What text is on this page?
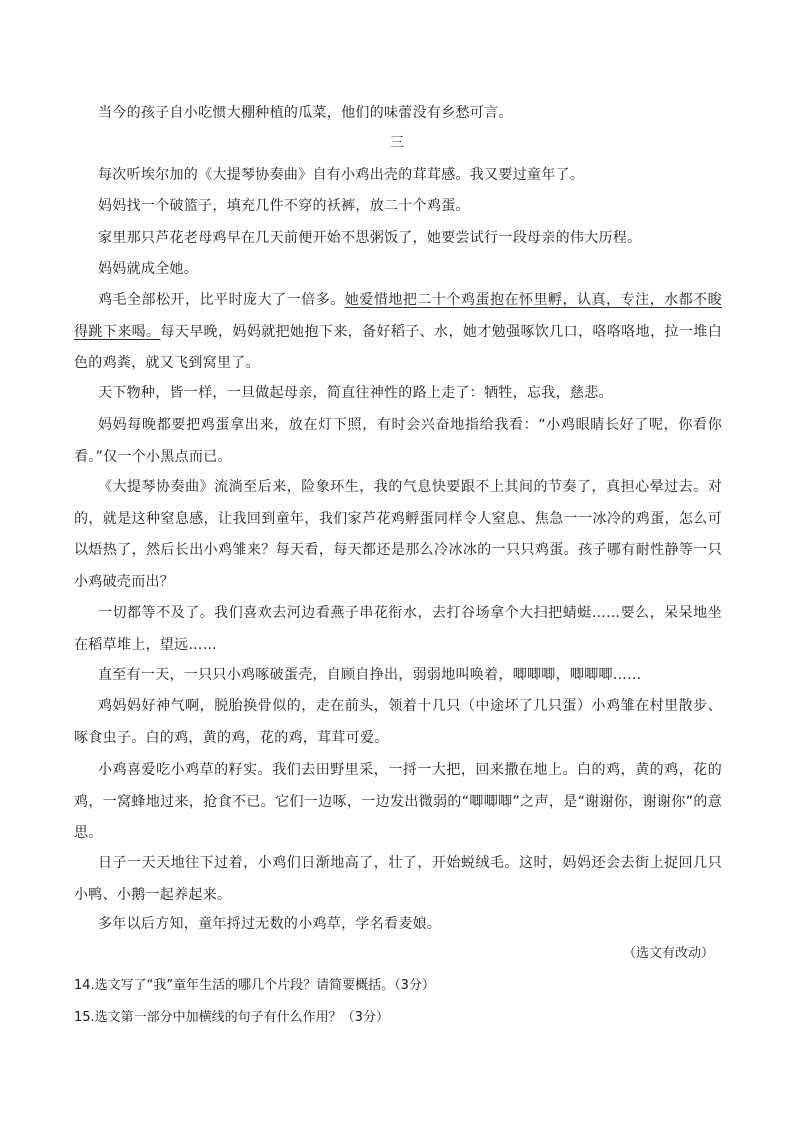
当今的孩子自小吃惯大棚种植的瓜菜，他们的味蕾没有乡愁可言。
三
每次听埃尔加的《大提琴协奏曲》自有小鸡出壳的茸茸感。我又要过童年了。
妈妈找一个破篮子，填充几件不穿的袄裤，放二十个鸡蛋。
家里那只芦花老母鸡早在几天前便开始不思粥饭了，她要尝试行一段母亲的伟大历程。
妈妈就成全她。
鸡毛全部松开，比平时庞大了一倍多。她爱惜地把二十个鸡蛋抱在怀里孵，认真，专注，水都不睃得跳下来喝。每天早晚，妈妈就把她抱下来，备好稻子、水，她才勉强啄饮几口，咯咯咯地，拉一堆白色的鸡粪，就又飞到窝里了。
天下物种，皆一样，一旦做起母亲，简直往神性的路上走了：牺牲，忘我，慈悲。
妈妈每晚都要把鸡蛋拿出来，放在灯下照，有时会兴奋地指给我看：“小鸡眼睛长好了呢，你看你看。”仅一个小黑点而已。
《大提琴协奏曲》流淌至后来，险象环生，我的气息快要跟不上其间的节奏了，真担心晕过去。对的，就是这种窒息感，让我回到童年，我们家芦花鸡孵蛋同样令人窒息、焦急一一冰冷的鸡蛋，怎么可以焐热了，然后长出小鸡雏来？每天看，每天都还是那么冷冰冰的一只只鸡蛋。孩子哪有耐性静等一只小鸡破壳而出？
一切都等不及了。我们喜欢去河边看燕子串花衔水，去打谷场拿个大扫把蜻蜓……要么，呆呆地坐在稻草堆上，望远……
直至有一天，一只只小鸡啄破蛋壳，自顾自挣出，弱弱地叫唤着，唧唧唧，唧唧唧……
鸡妈妈好神气啊，脱胎换骨似的，走在前头，领着十几只（中途坏了几只蛋）小鸡雏在村里散步、啄食虫子。白的鸡，黄的鸡，花的鸡，茸茸可爱。
小鸡喜爱吃小鸡草的籽实。我们去田野里采，一捋一大把，回来撒在地上。白的鸡，黄的鸡，花的鸡，一窝蜂地过来，抢食不已。它们一边啄，一边发出微弱的“唧唧唧”之声，是“谢谢你，谢谢你”的意思。
日子一天天地往下过着，小鸡们日渐地高了，壮了，开始蜕绒毛。这时，妈妈还会去街上捉回几只小鸭、小鹅一起养起来。
多年以后方知，童年捋过无数的小鸡草，学名看麦娘。
（选文有改动）
14.选文写了“我”童年生活的哪几个片段？请简要概括。（3分）
15.选文第一部分中加横线的句子有什么作用？（3分）
